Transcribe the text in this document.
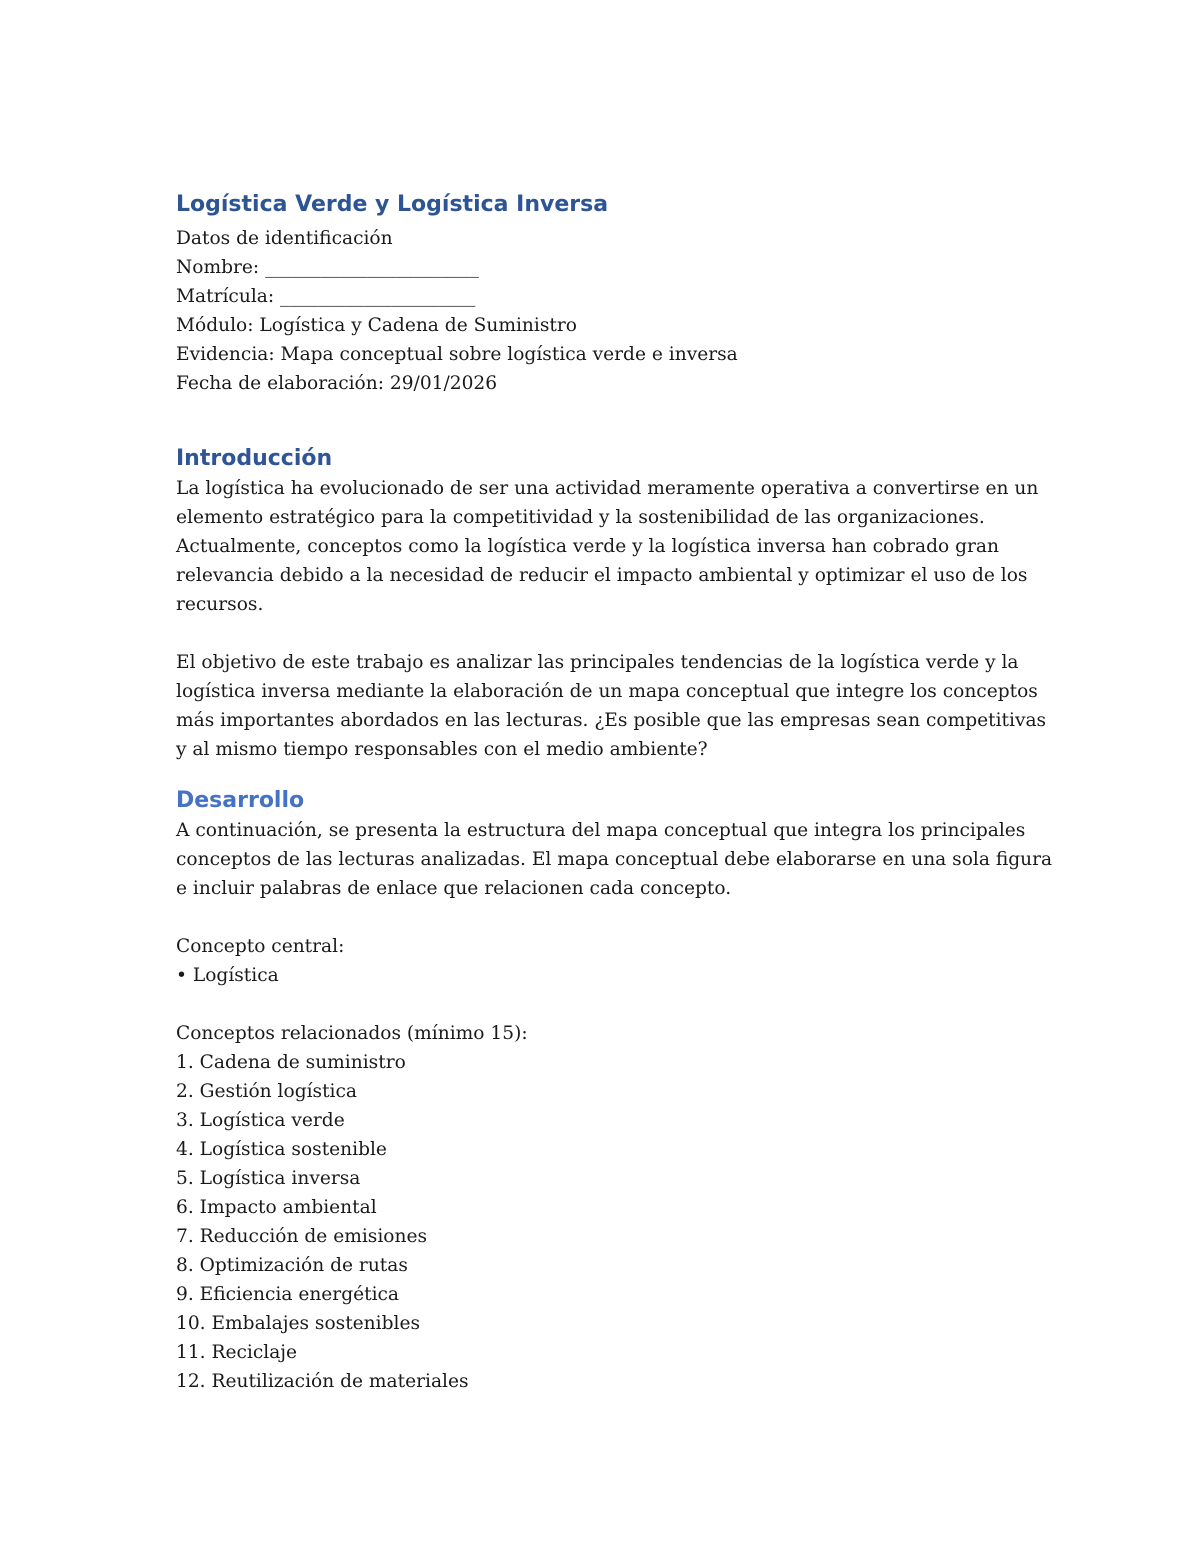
Logística Verde y Logística Inversa
Datos de identificación
Nombre: _______________________
Matrícula: _____________________
Módulo: Logística y Cadena de Suministro
Evidencia: Mapa conceptual sobre logística verde e inversa
Fecha de elaboración: 29/01/2026
Introducción
La logística ha evolucionado de ser una actividad meramente operativa a convertirse en un
elemento estratégico para la competitividad y la sostenibilidad de las organizaciones.
Actualmente, conceptos como la logística verde y la logística inversa han cobrado gran
relevancia debido a la necesidad de reducir el impacto ambiental y optimizar el uso de los
recursos.
El objetivo de este trabajo es analizar las principales tendencias de la logística verde y la
logística inversa mediante la elaboración de un mapa conceptual que integre los conceptos
más importantes abordados en las lecturas. ¿Es posible que las empresas sean competitivas
y al mismo tiempo responsables con el medio ambiente?
Desarrollo
A continuación, se presenta la estructura del mapa conceptual que integra los principales
conceptos de las lecturas analizadas. El mapa conceptual debe elaborarse en una sola figura
e incluir palabras de enlace que relacionen cada concepto.
Concepto central:
• Logística
Conceptos relacionados (mínimo 15):
1. Cadena de suministro
2. Gestión logística
3. Logística verde
4. Logística sostenible
5. Logística inversa
6. Impacto ambiental
7. Reducción de emisiones
8. Optimización de rutas
9. Eficiencia energética
10. Embalajes sostenibles
11. Reciclaje
12. Reutilización de materiales
